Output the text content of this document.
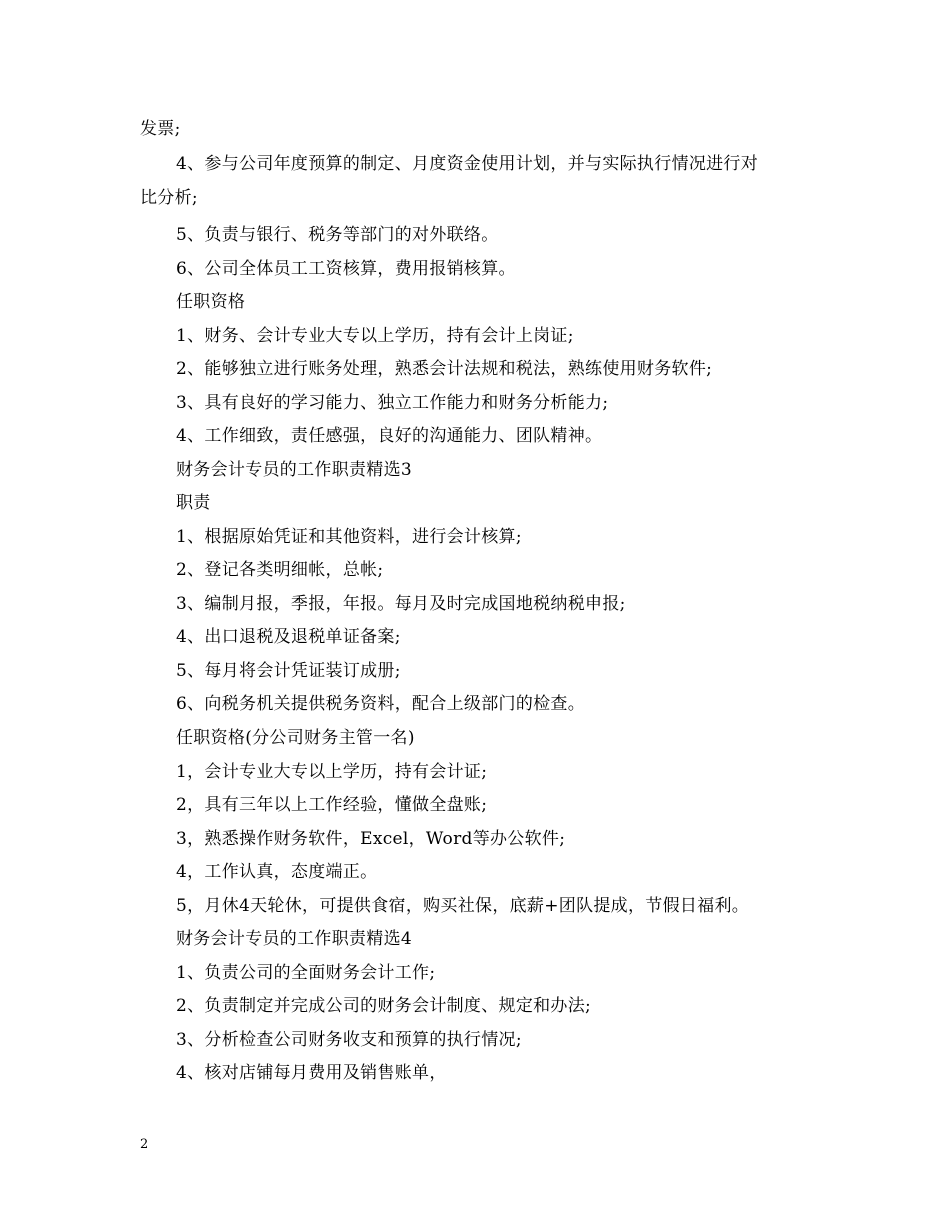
发票;
4、参与公司年度预算的制定、月度资金使用计划，并与实际执行情况进行对
比分析;
5、负责与银行、税务等部门的对外联络。
6、公司全体员工工资核算，费用报销核算。
任职资格
1、财务、会计专业大专以上学历，持有会计上岗证;
2、能够独立进行账务处理，熟悉会计法规和税法，熟练使用财务软件;
3、具有良好的学习能力、独立工作能力和财务分析能力;
4、工作细致，责任感强，良好的沟通能力、团队精神。
财务会计专员的工作职责精选3
职责
1、根据原始凭证和其他资料，进行会计核算;
2、登记各类明细帐，总帐;
3、编制月报，季报，年报。每月及时完成国地税纳税申报;
4、出口退税及退税单证备案;
5、每月将会计凭证装订成册;
6、向税务机关提供税务资料，配合上级部门的检查。
任职资格(分公司财务主管一名)
1，会计专业大专以上学历，持有会计证;
2，具有三年以上工作经验，懂做全盘账;
3，熟悉操作财务软件，Excel，Word等办公软件;
4，工作认真，态度端正。
5，月休4天轮休，可提供食宿，购买社保，底薪+团队提成，节假日福利。
财务会计专员的工作职责精选4
1、负责公司的全面财务会计工作;
2、负责制定并完成公司的财务会计制度、规定和办法;
3、分析检查公司财务收支和预算的执行情况;
4、核对店铺每月费用及销售账单，
2
